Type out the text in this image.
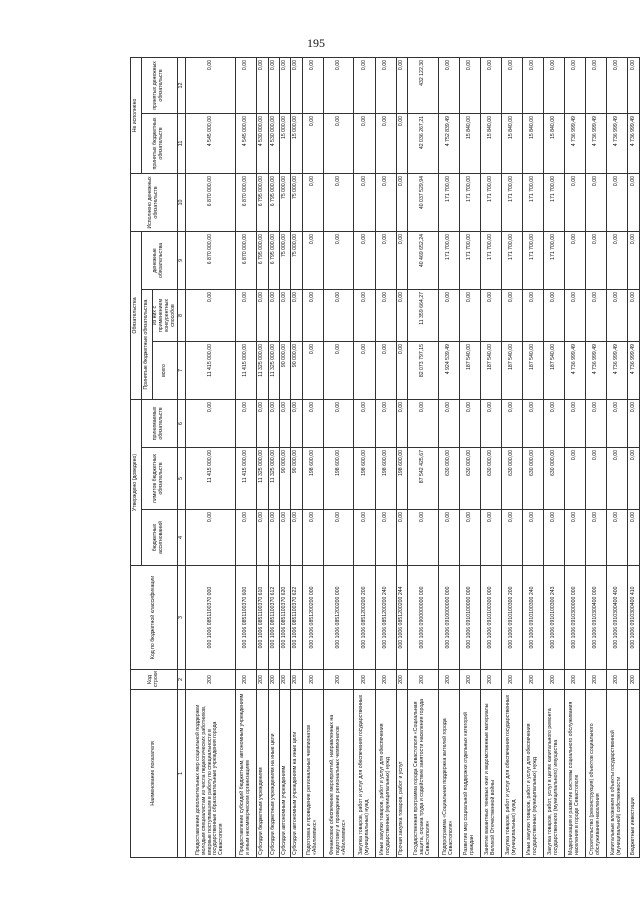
195
Наименование показателя	Код строки	Код по бюджетной классификации	Утверждено (доведено)			Обязательства			Исполнено денежных обязательств	Не исполнено	
			бюджетных ассигнований	лимитов бюджетных обязательств	принимаемых обязательств	Принятые бюджетные обязательства		денежные обязательства		принятых бюджетных обязательств	принятых денежных обязательств
						всего	из них с применением конкурентных способов				
1	2	3	4	5	6	7	8	9	10	11	12
Предоставление дополнительных мер социальной поддержки молодым специалистам из числа педагогических работников, впервые поступившим в работу по специальности в государственные образовательные учреждения города Севастополя	200	000 1006 0851100370 000	0,00	11 415 000,00	0,00	11 415 000,00	0,00	6 870 000,00	6 870 000,00	4 545 000,00	0,00
Предоставление субсидий бюджетным, автономным учреждениям и иным некоммерческим организациям	200	000 1006 0851100370 600	0,00	11 415 000,00	0,00	11 415 000,00	0,00	6 870 000,00	6 870 000,00	4 545 000,00	0,00
Субсидии бюджетным учреждениям	200	000 1006 0851100370 610	0,00	11 325 000,00	0,00	11 325 000,00	0,00	6 795 000,00	6 795 000,00	4 530 000,00	0,00
Субсидии бюджетным учреждениям на иные цели	200	000 1006 0851100370 612	0,00	11 325 000,00	0,00	11 325 000,00	0,00	6 795 000,00	6 795 000,00	4 530 000,00	0,00
Субсидии автономным учреждениям	200	000 1006 0851100370 620	0,00	90 000,00	0,00	90 000,00	0,00	75 000,00	75 000,00	15 000,00	0,00
Субсидии автономным учреждениям на иные цели	200	000 1006 0851100370 622	0,00	90 000,00	0,00	90 000,00	0,00	75 000,00	75 000,00	15 000,00	0,00
Подготовка и проведение региональных чемпионатов «Абилимпикс»	200	000 1006 0851200200 000	0,00	198 600,00	0,00	0,00	0,00	0,00	0,00	0,00	0,00
Финансовое обеспечение мероприятий, направленных на подготовку и проведение региональных чемпионатов «Абилимпикс»	200	000 1006 0851200200 000	0,00	198 600,00	0,00	0,00	0,00	0,00	0,00	0,00	0,00
Закупка товаров, работ и услуг для обеспечения государственных (муниципальных) нужд	200	000 1006 0851200200 200	0,00	198 600,00	0,00	0,00	0,00	0,00	0,00	0,00	0,00
Иные закупки товаров, работ и услуг для обеспечения государственных (муниципальных) нужд	200	000 1006 0851200200 240	0,00	198 600,00	0,00	0,00	0,00	0,00	0,00	0,00	0,00
Прочая закупка товаров, работ и услуг	200	000 1006 0851200200 244	0,00	198 600,00	0,00	0,00	0,00	0,00	0,00	0,00	0,00
Государственная программа города Севастополя «Социальная защита, охрана труда и содействие занятости населения города Севастополя»	200	000 1006 0900000000 000	0,00	87 542 425,67	0,00	82 073 797,15	11 359 664,27	40 469 652,24	40 037 529,94	42 036 267,21	432 122,30
Подпрограмма «Социальная поддержка жителей города Севастополя»	200	000 1006 0910000000 000	0,00	630 000,00	0,00	4 924 539,49	0,00	171 700,00	171 700,00	4 752 839,49	0,00
Развитие мер социальной поддержки отдельных категорий граждан	200	000 1006 0910100000 000	0,00	630 000,00	0,00	187 540,00	0,00	171 700,00	171 700,00	15 840,00	0,00
Занятие вакантных теневых книг и ведомственные материалы Великой Отечественной войны	200	000 1006 0910100300 000	0,00	630 000,00	0,00	187 540,00	0,00	171 700,00	171 700,00	15 840,00	0,00
Закупка товаров, работ и услуг для обеспечения государственных (муниципальных) нужд	200	000 1006 0910100300 200	0,00	630 000,00	0,00	187 540,00	0,00	171 700,00	171 700,00	15 840,00	0,00
Иные закупки товаров, работ и услуг для обеспечения государственных (муниципальных) нужд	200	000 1006 0910100300 240	0,00	630 000,00	0,00	187 540,00	0,00	171 700,00	171 700,00	15 840,00	0,00
Закупка товаров, работ, услуг в целях капитального ремонта государственного (муниципального) имущества	200	000 1006 0910100300 243	0,00	630 000,00	0,00	187 540,00	0,00	171 700,00	171 700,00	15 840,00	0,00
Модернизация и развитие системы социального обслуживания населения в городе Севастополе	200	000 1006 0910300000 000	0,00	0,00	0,00	4 736 999,49	0,00	0,00	0,00	4 736 999,49	0,00
Строительство (реконструкция) объектов социального обслуживания населения	200	000 1006 0910300400 000	0,00	0,00	0,00	4 736 999,49	0,00	0,00	0,00	4 736 999,49	0,00
Капитальные вложения в объекты государственной (муниципальной) собственности	200	000 1006 0910300400 400	0,00	0,00	0,00	4 736 999,49	0,00	0,00	0,00	4 736 999,49	0,00
Бюджетные инвестиции	200	000 1006 0910300400 410	0,00	0,00	0,00	4 736 999,49	0,00	0,00	0,00	4 736 999,49	0,00
